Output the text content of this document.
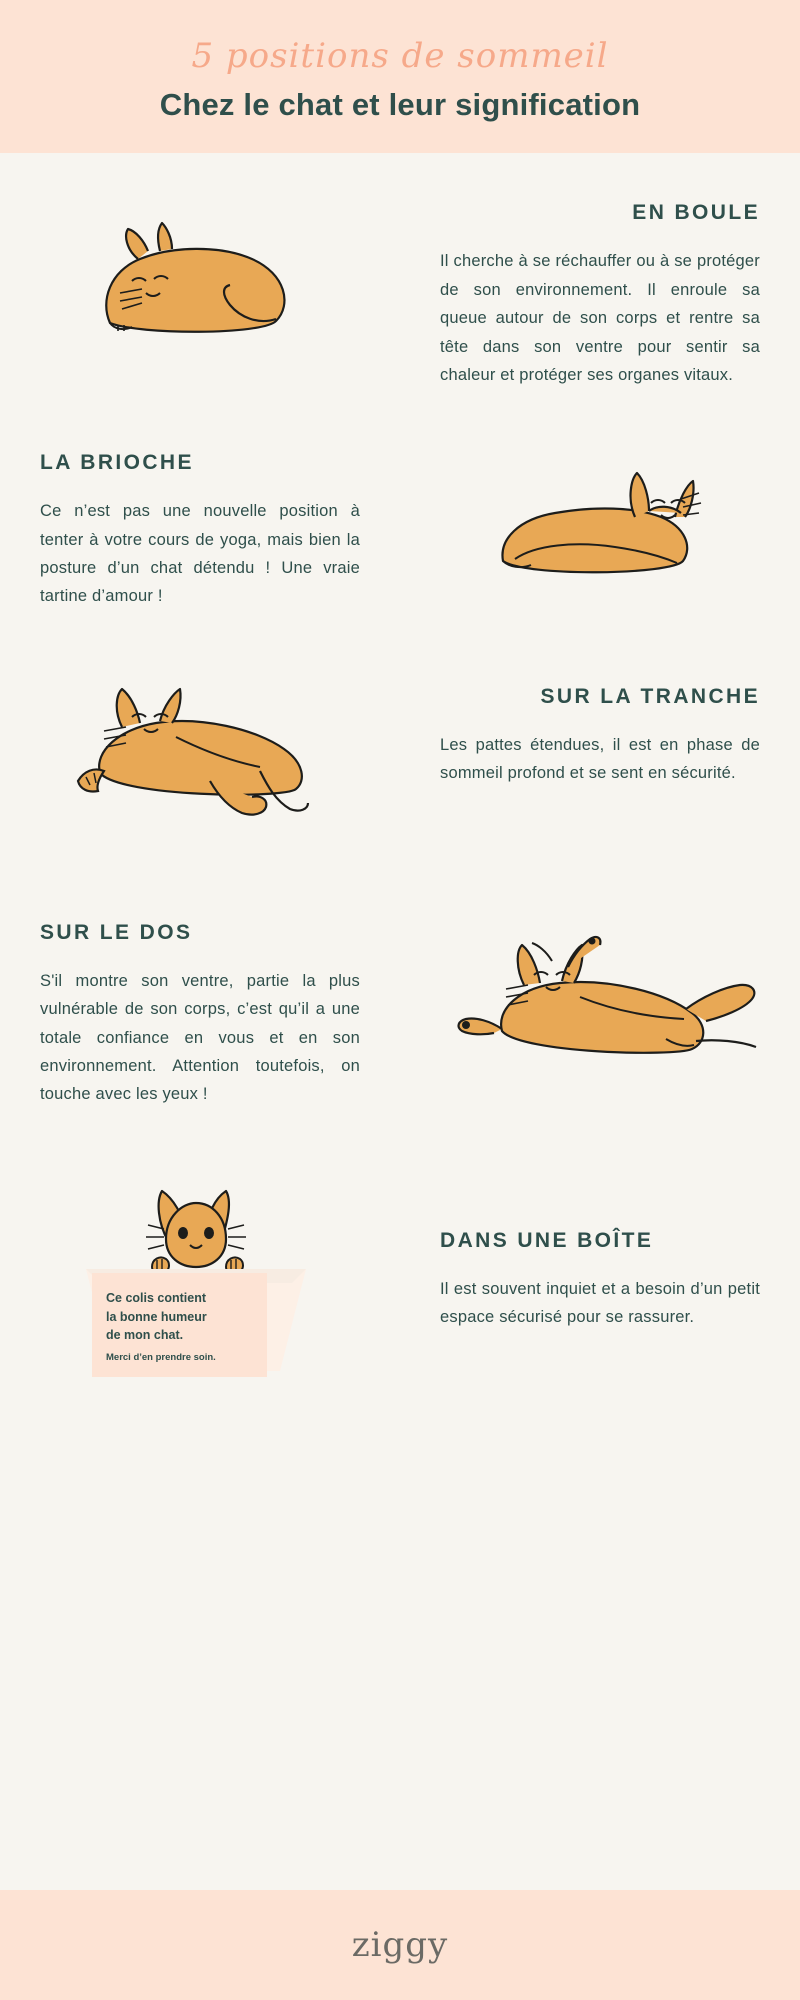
5 positions de sommeil
Chez le chat et leur signification
EN BOULE
Il cherche à se réchauffer ou à se protéger de son environnement. Il enroule sa queue autour de son corps et rentre sa tête dans son ventre pour sentir sa chaleur et protéger ses organes vitaux.
LA BRIOCHE
Ce n’est pas une nouvelle position à tenter à votre cours de yoga, mais bien la posture d’un chat détendu ! Une vraie tartine d’amour !
SUR LA TRANCHE
Les pattes étendues, il est en phase de sommeil profond et se sent en sécurité.
SUR LE DOS
S'il montre son ventre, partie la plus vulnérable de son corps, c’est qu’il a une totale confiance en vous et en son environnement. Attention toutefois, on touche avec les yeux !
Ce colis contient
la bonne humeur
de mon chat.
Merci d’en prendre soin.
DANS UNE BOÎTE
Il est souvent inquiet et a besoin d’un petit espace sécurisé pour se rassurer.
ziggy
